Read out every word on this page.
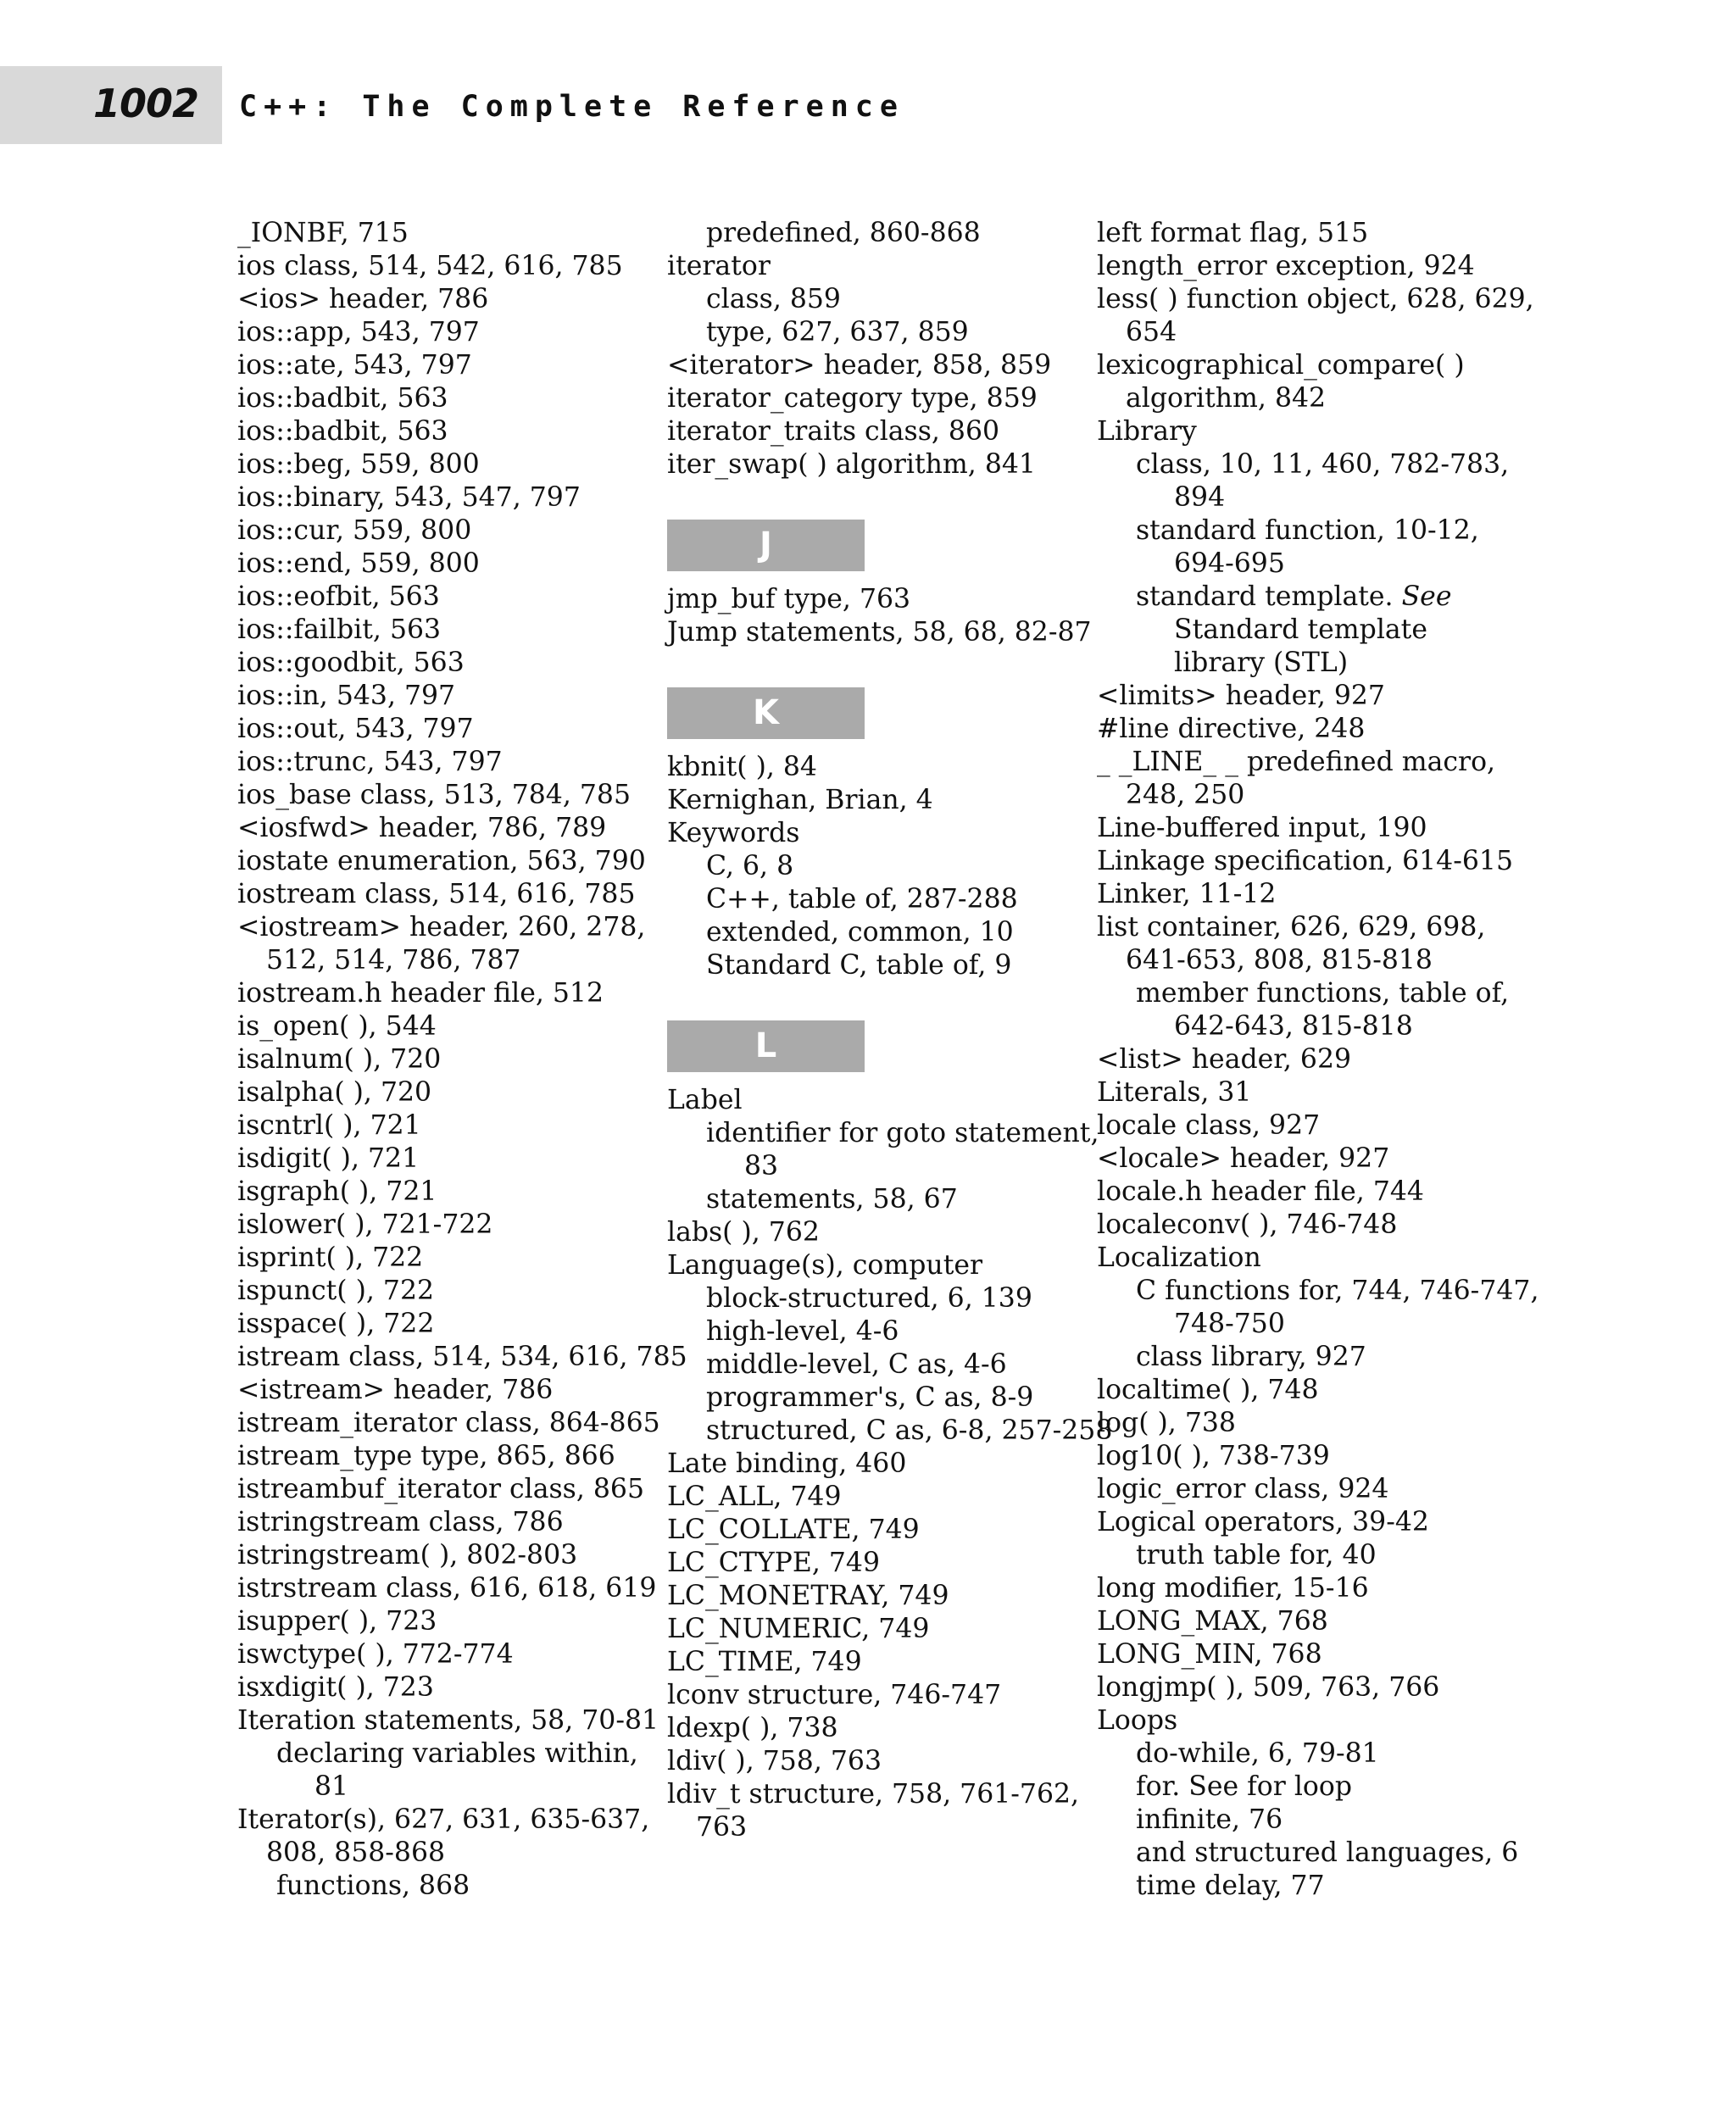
1002 C++: The Complete Reference
_IONBF, 715
ios class, 514, 542, 616, 785
<ios> header, 786
ios::app, 543, 797
ios::ate, 543, 797
ios::badbit, 563
ios::badbit, 563
ios::beg, 559, 800
ios::binary, 543, 547, 797
ios::cur, 559, 800
ios::end, 559, 800
ios::eofbit, 563
ios::failbit, 563
ios::goodbit, 563
ios::in, 543, 797
ios::out, 543, 797
ios::trunc, 543, 797
ios_base class, 513, 784, 785
<iosfwd> header, 786, 789
iostate enumeration, 563, 790
iostream class, 514, 616, 785
<iostream> header, 260, 278,
512, 514, 786, 787
iostream.h header file, 512
is_open( ), 544
isalnum( ), 720
isalpha( ), 720
iscntrl( ), 721
isdigit( ), 721
isgraph( ), 721
islower( ), 721-722
isprint( ), 722
ispunct( ), 722
isspace( ), 722
istream class, 514, 534, 616, 785
<istream> header, 786
istream_iterator class, 864-865
istream_type type, 865, 866
istreambuf_iterator class, 865
istringstream class, 786
istringstream( ), 802-803
istrstream class, 616, 618, 619
isupper( ), 723
iswctype( ), 772-774
isxdigit( ), 723
Iteration statements, 58, 70-81
declaring variables within,
81
Iterator(s), 627, 631, 635-637,
808, 858-868
functions, 868
predefined, 860-868
iterator
class, 859
type, 627, 637, 859
<iterator> header, 858, 859
iterator_category type, 859
iterator_traits class, 860
iter_swap( ) algorithm, 841
J
jmp_buf type, 763
Jump statements, 58, 68, 82-87
K
kbnit( ), 84
Kernighan, Brian, 4
Keywords
C, 6, 8
C++, table of, 287-288
extended, common, 10
Standard C, table of, 9
L
Label
identifier for goto statement,
83
statements, 58, 67
labs( ), 762
Language(s), computer
block-structured, 6, 139
high-level, 4-6
middle-level, C as, 4-6
programmer's, C as, 8-9
structured, C as, 6-8, 257-258
Late binding, 460
LC_ALL, 749
LC_COLLATE, 749
LC_CTYPE, 749
LC_MONETRAY, 749
LC_NUMERIC, 749
LC_TIME, 749
lconv structure, 746-747
ldexp( ), 738
ldiv( ), 758, 763
ldiv_t structure, 758, 761-762,
763
left format flag, 515
length_error exception, 924
less( ) function object, 628, 629,
654
lexicographical_compare( )
algorithm, 842
Library
class, 10, 11, 460, 782-783,
894
standard function, 10-12,
694-695
standard template. See
Standard template
library (STL)
<limits> header, 927
#line directive, 248
_ _LINE_ _ predefined macro,
248, 250
Line-buffered input, 190
Linkage specification, 614-615
Linker, 11-12
list container, 626, 629, 698,
641-653, 808, 815-818
member functions, table of,
642-643, 815-818
<list> header, 629
Literals, 31
locale class, 927
<locale> header, 927
locale.h header file, 744
localeconv( ), 746-748
Localization
C functions for, 744, 746-747,
748-750
class library, 927
localtime( ), 748
log( ), 738
log10( ), 738-739
logic_error class, 924
Logical operators, 39-42
truth table for, 40
long modifier, 15-16
LONG_MAX, 768
LONG_MIN, 768
longjmp( ), 509, 763, 766
Loops
do-while, 6, 79-81
for. See for loop
infinite, 76
and structured languages, 6
time delay, 77
